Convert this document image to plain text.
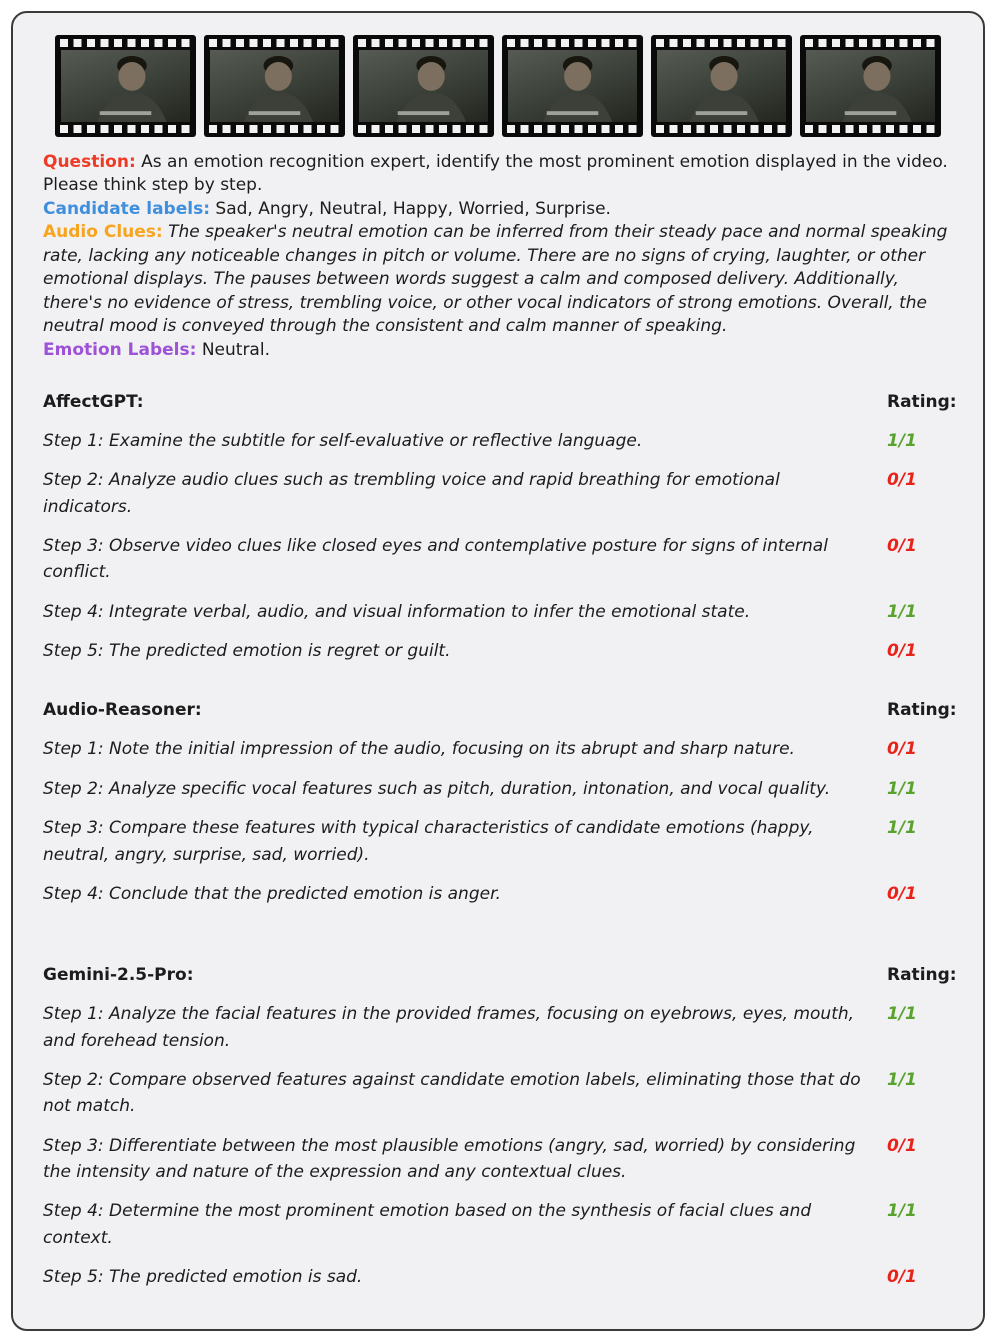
Question: As an emotion recognition expert, identify the most prominent emotion displayed in the video. Please think step by step.

Candidate labels: Sad, Angry, Neutral, Happy, Worried, Surprise.

Audio Clues: The speaker's neutral emotion can be inferred from their steady pace and normal speaking rate, lacking any noticeable changes in pitch or volume. There are no signs of crying, laughter, or other emotional displays. The pauses between words suggest a calm and composed delivery. Additionally, there's no evidence of stress, trembling voice, or other vocal indicators of strong emotions. Overall, the neutral mood is conveyed through the consistent and calm manner of speaking.

Emotion Labels: Neutral.

AffectGPT:	Rating:
Step 1: Examine the subtitle for self-evaluative or reflective language.	1/1
Step 2: Analyze audio clues such as trembling voice and rapid breathing for emotional indicators.
0/1
Step 3: Observe video clues like closed eyes and contemplative posture for signs of internal conflict.
0/1
Step 4: Integrate verbal, audio, and visual information to infer the emotional state.	1/1
Step 5: The predicted emotion is regret or guilt.	0/1
Audio-Reasoner:	Rating:
Step 1: Note the initial impression of the audio, focusing on its abrupt and sharp nature.	0/1
Step 2: Analyze specific vocal features such as pitch, duration, intonation, and vocal quality.	1/1
Step 3: Compare these features with typical characteristics of candidate emotions (happy, neutral, angry, surprise, sad, worried).
1/1
Step 4: Conclude that the predicted emotion is anger.	0/1
Gemini-2.5-Pro:	Rating:
Step 1: Analyze the facial features in the provided frames, focusing on eyebrows, eyes, mouth, and forehead tension.
1/1
Step 2: Compare observed features against candidate emotion labels, eliminating those that do not match.
1/1
Step 3: Differentiate between the most plausible emotions (angry, sad, worried) by considering the intensity and nature of the expression and any contextual clues.
0/1
Step 4: Determine the most prominent emotion based on the synthesis of facial clues and context.
1/1
Step 5: The predicted emotion is sad.	0/1
